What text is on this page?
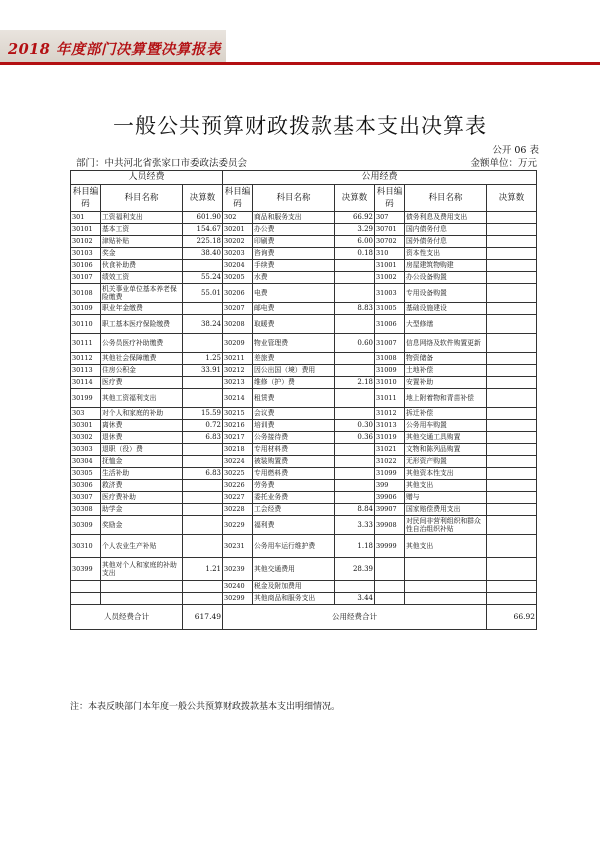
2018 年度部门决算暨决算报表
一般公共预算财政拨款基本支出决算表
公开 06 表
部门：中共河北省张家口市委政法委员会	金额单位：万元
人员经费			公用经费					
科目编码	科目名称	决算数	科目编码	科目名称	决算数	科目编码	科目名称	决算数
301	工资福利支出	601.90	302	商品和服务支出	66.92	307	债务利息及费用支出	
30101	基本工资	154.67	30201	办公费	3.29	30701	国内债务付息	
30102	津贴补贴	225.18	30202	印刷费	6.00	30702	国外债务付息	
30103	奖金	38.40	30203	咨询费	0.18	310	资本性支出	
30106	伙食补助费		30204	手续费		31001	房屋建筑物购建	
30107	绩效工资	55.24	30205	水费		31002	办公设备购置	
30108	机关事业单位基本养老保险缴费	55.01	30206	电费		31003	专用设备购置	
30109	职业年金缴费		30207	邮电费	8.83	31005	基础设施建设	
30110	职工基本医疗保险缴费	38.24	30208	取暖费		31006	大型修缮	
30111	公务员医疗补助缴费		30209	物业管理费	0.60	31007	信息网络及软件购置更新	
30112	其他社会保障缴费	1.25	30211	差旅费		31008	物资储备	
30113	住房公积金	33.91	30212	因公出国（境）费用		31009	土地补偿	
30114	医疗费		30213	维修（护）费	2.18	31010	安置补助	
30199	其他工资福利支出		30214	租赁费		31011	地上附着物和青苗补偿	
303	对个人和家庭的补助	15.59	30215	会议费		31012	拆迁补偿	
30301	离休费	0.72	30216	培训费	0.30	31013	公务用车购置	
30302	退休费	6.83	30217	公务接待费	0.36	31019	其他交通工具购置	
30303	退职（役）费		30218	专用材料费		31021	文物和陈列品购置	
30304	抚恤金		30224	被装购置费		31022	无形资产购置	
30305	生活补助	6.83	30225	专用燃料费		31099	其他资本性支出	
30306	救济费		30226	劳务费		399	其他支出	
30307	医疗费补助		30227	委托业务费		39906	赠与	
30308	助学金		30228	工会经费	8.84	39907	国家赔偿费用支出	
30309	奖励金		30229	福利费	3.33	39908	对民间非营利组织和群众性自治组织补贴	
30310	个人农业生产补贴		30231	公务用车运行维护费	1.18	39999	其他支出	
30399	其他对个人和家庭的补助支出	1.21	30239	其他交通费用	28.39			
			30240	税金及附加费用				
			30299	其他商品和服务支出	3.44			
人员经费合计		617.49	公用经费合计					66.92
注：本表反映部门本年度一般公共预算财政拨款基本支出明细情况。
